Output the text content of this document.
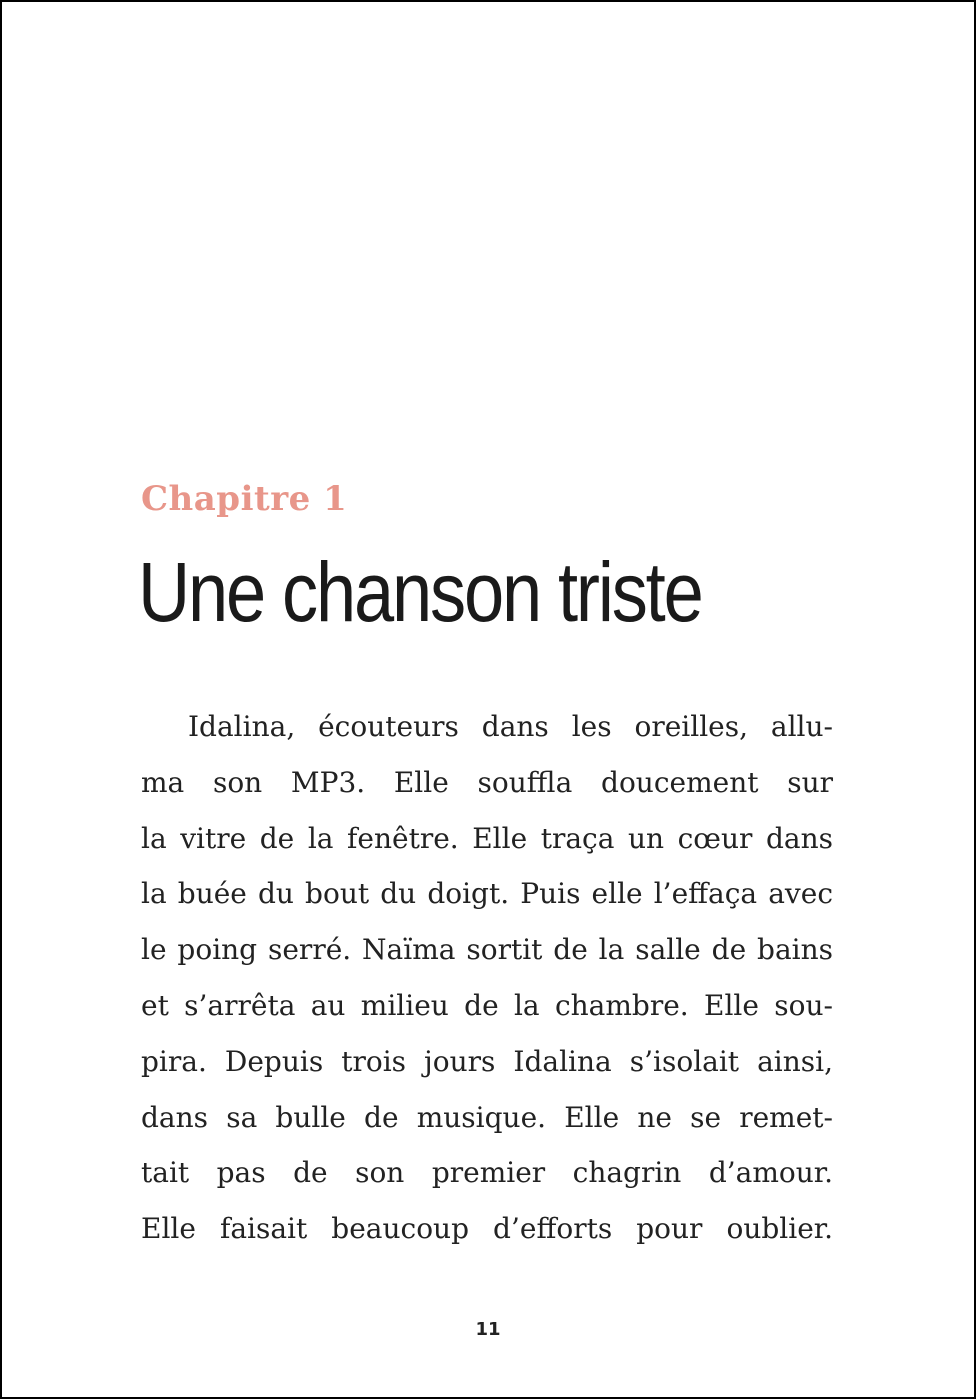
Chapitre 1
Une chanson triste
Idalina, écouteurs dans les oreilles, allu-
ma son MP3. Elle souffla doucement sur
la vitre de la fenêtre. Elle traça un cœur dans
la buée du bout du doigt. Puis elle l’effaça avec
le poing serré. Naïma sortit de la salle de bains
et s’arrêta au milieu de la chambre. Elle sou-
pira. Depuis trois jours Idalina s’isolait ainsi,
dans sa bulle de musique. Elle ne se remet-
tait pas de son premier chagrin d’amour.
Elle faisait beaucoup d’efforts pour oublier.
11
